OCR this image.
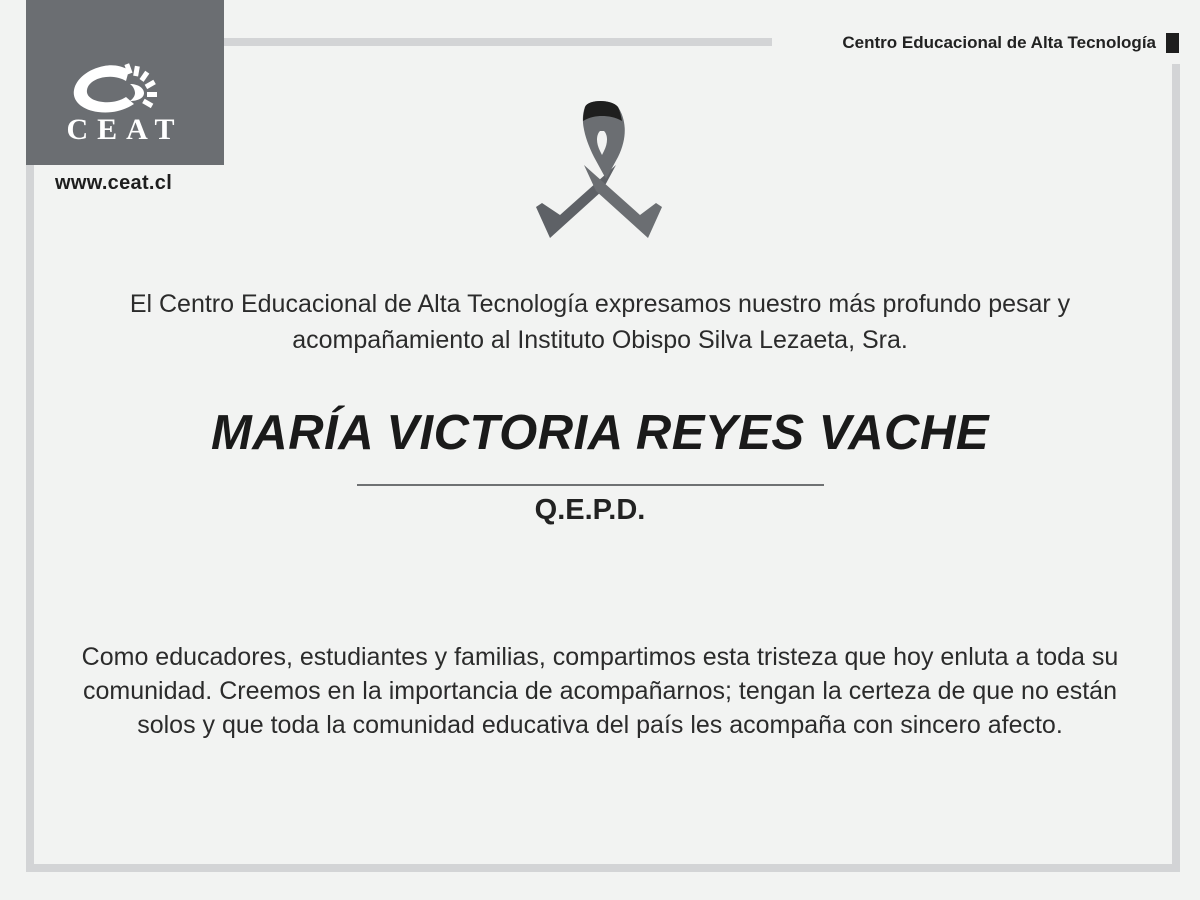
CEAT
www.ceat.cl
Centro Educacional de Alta Tecnología
El Centro Educacional de Alta Tecnología expresamos nuestro más profundo pesar y acompañamiento al Instituto Obispo Silva Lezaeta, Sra.
MARÍA VICTORIA REYES VACHE
Q.E.P.D.
Como educadores, estudiantes y familias, compartimos esta tristeza que hoy enluta a toda su comunidad. Creemos en la importancia de acompañarnos; tengan la certeza de que no están solos y que toda la comunidad educativa del país les acompaña con sincero afecto.
